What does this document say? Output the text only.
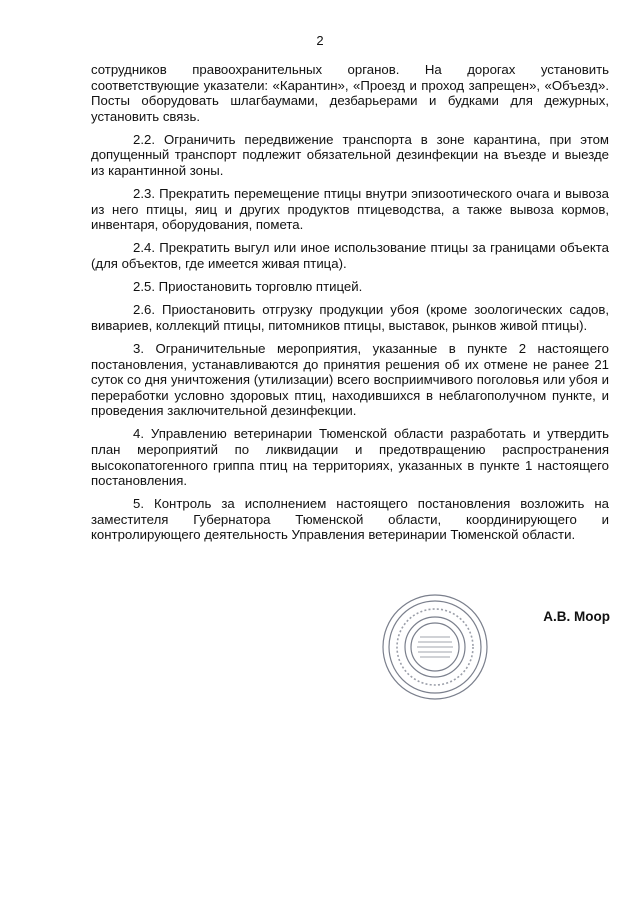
2

сотрудников правоохранительных органов. На дорогах установить соответствующие указатели: «Карантин», «Проезд и проход запрещен», «Объезд». Посты оборудовать шлагбаумами, дезбарьерами и будками для дежурных, установить связь.

2.2. Ограничить передвижение транспорта в зоне карантина, при этом допущенный транспорт подлежит обязательной дезинфекции на въезде и выезде из карантинной зоны.

2.3. Прекратить перемещение птицы внутри эпизоотического очага и вывоза из него птицы, яиц и других продуктов птицеводства, а также вывоза кормов, инвентаря, оборудования, помета.

2.4. Прекратить выгул или иное использование птицы за границами объекта (для объектов, где имеется живая птица).

2.5. Приостановить торговлю птицей.

2.6. Приостановить отгрузку продукции убоя (кроме зоологических садов, вивариев, коллекций птицы, питомников птицы, выставок, рынков живой птицы).

3. Ограничительные мероприятия, указанные в пункте 2 настоящего постановления, устанавливаются до принятия решения об их отмене не ранее 21 суток со дня уничтожения (утилизации) всего восприимчивого поголовья или убоя и переработки условно здоровых птиц, находившихся в неблагополучном пункте, и проведения заключительной дезинфекции.

4. Управлению ветеринарии Тюменской области разработать и утвердить план мероприятий по ликвидации и предотвращению распространения высокопатогенного гриппа птиц на территориях, указанных в пункте 1 настоящего постановления.

5. Контроль за исполнением настоящего постановления возложить на заместителя Губернатора Тюменской области, координирующего и контролирующего деятельность Управления ветеринарии Тюменской области.

А.В. Моор
